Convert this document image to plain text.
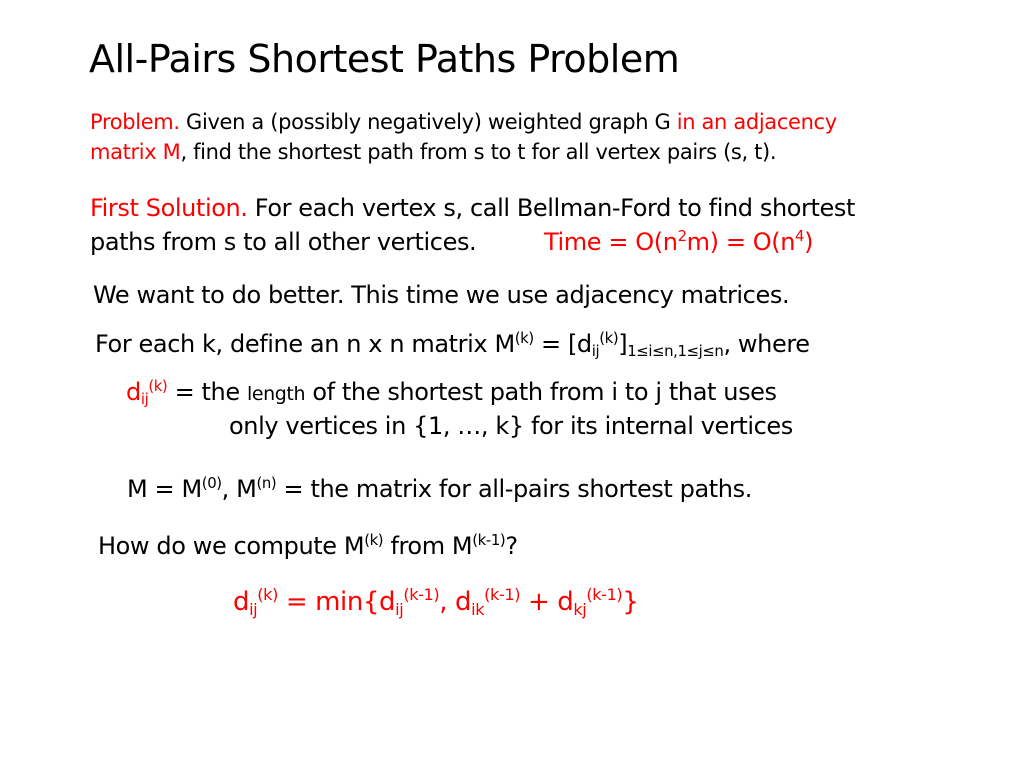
All-Pairs Shortest Paths Problem
Problem. Given a (possibly negatively) weighted graph G in an adjacency
matrix M, find the shortest path from s to t for all vertex pairs (s, t).
First Solution. For each vertex s, call Bellman-Ford to find shortest
paths from s to all other vertices.	Time = $O(n^2m) = O(n^4)$
We want to do better. This time we use adjacency matrices.
For each k, define an n x n matrix $M^{(k)} = [d_{ij}^{(k)}]_{1\le i\le n,1\le j\le n}$, where
$d_{ij}^{(k)}$ = the length of the shortest path from i to j that uses
only vertices in {1, …, k} for its internal vertices
$M = M^{(0)}$, $M^{(n)}$ = the matrix for all-pairs shortest paths.
How do we compute $M^{(k)}$ from $M^{(k-1)}$?
$d_{ij}^{(k)} = \min\{d_{ij}^{(k-1)}$, $d_{ik}^{(k-1)} + d_{kj}^{(k-1)}$}
